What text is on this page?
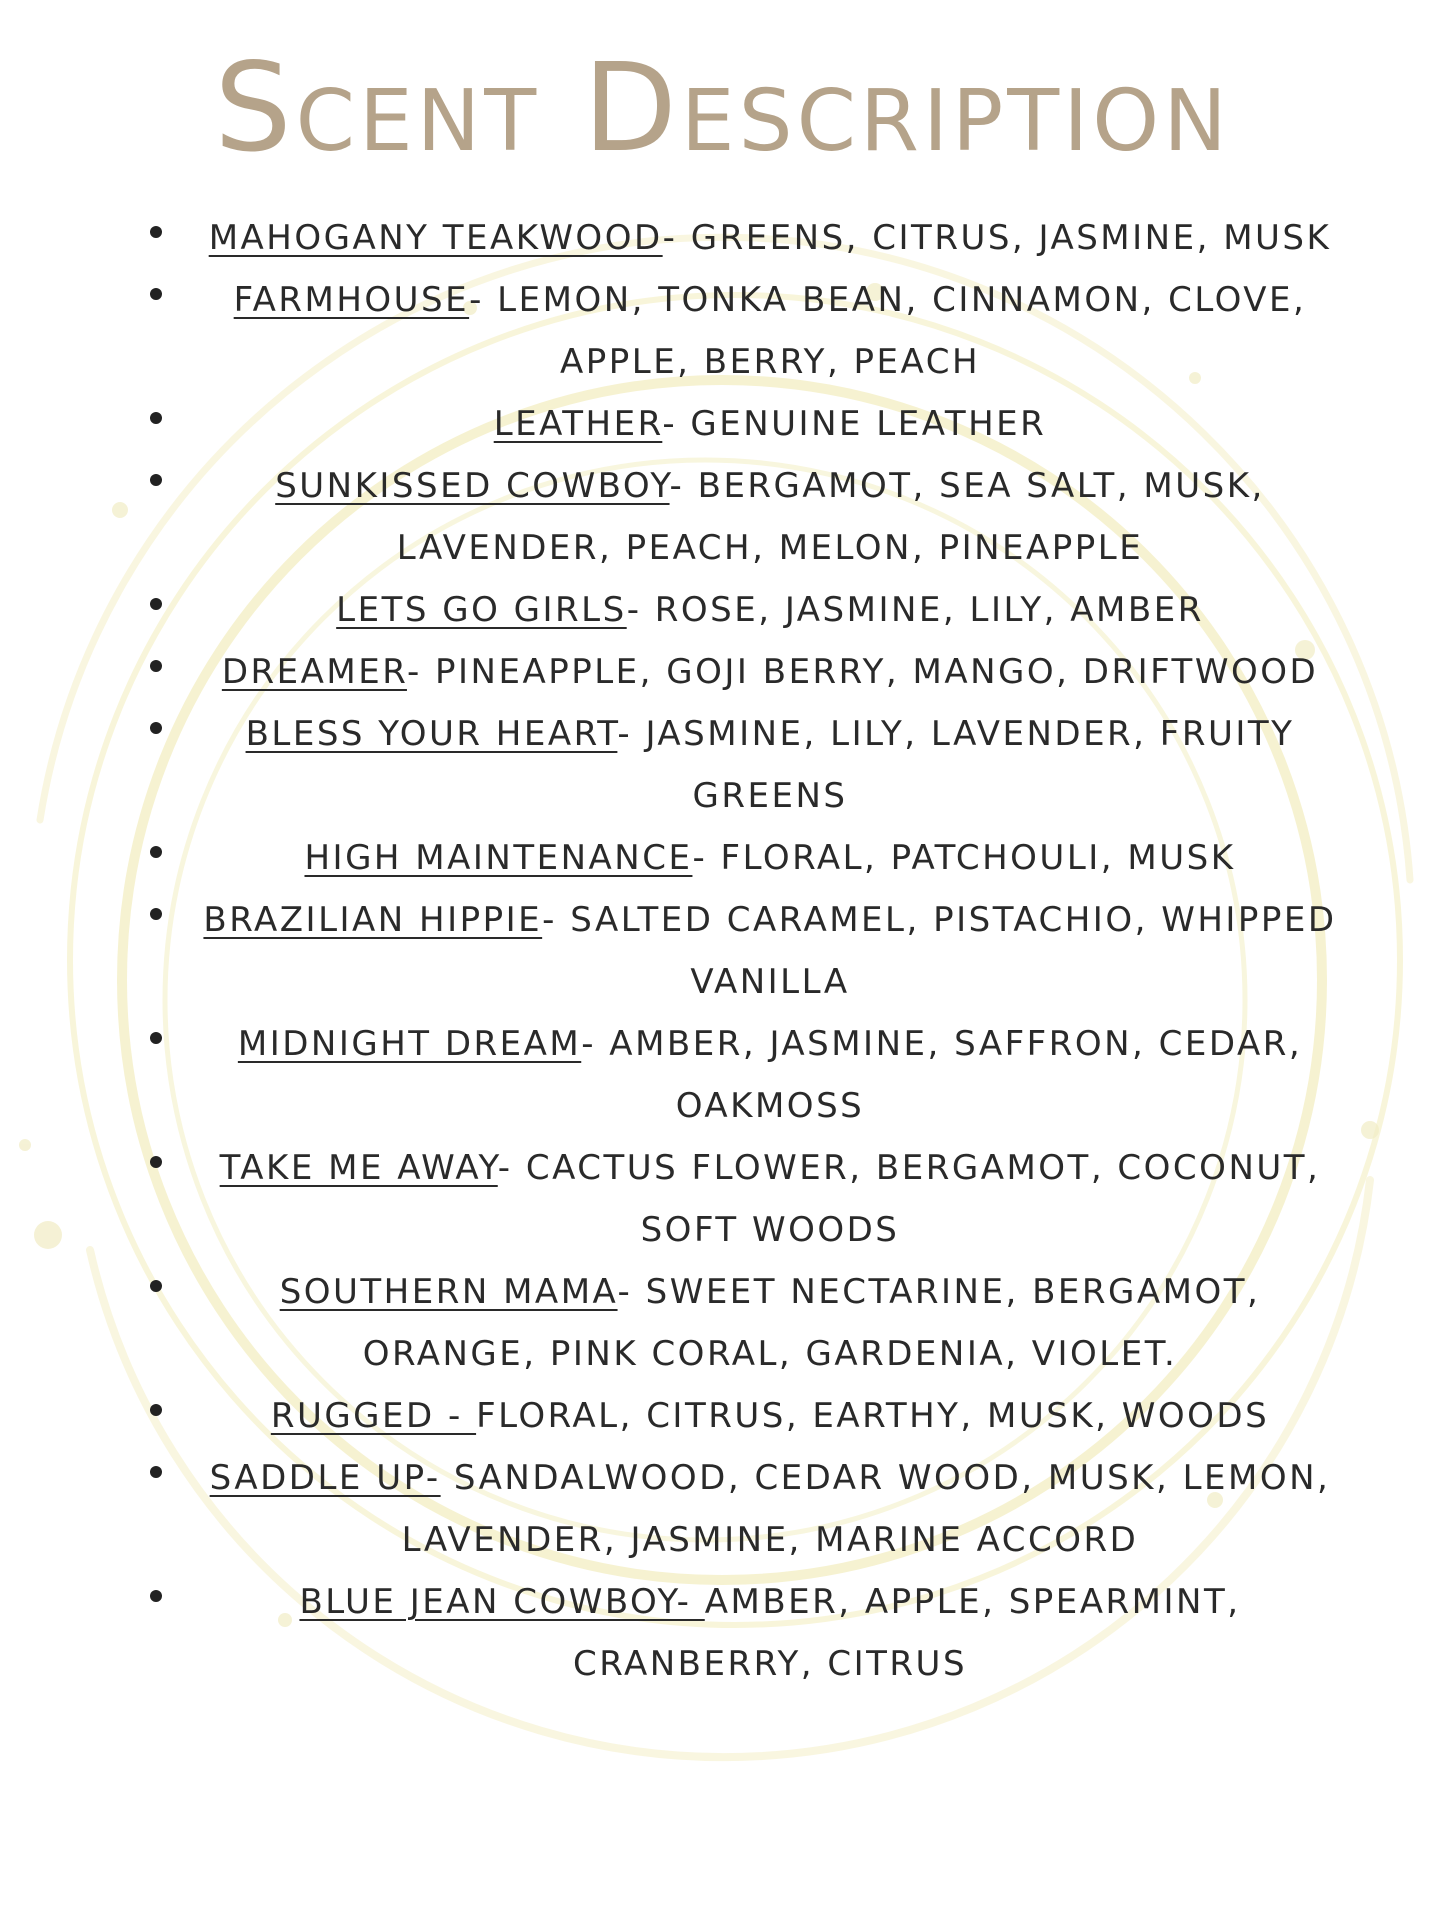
Scent Description
MAHOGANY TEAKWOOD- GREENS, CITRUS, JASMINE, MUSK
FARMHOUSE- LEMON, TONKA BEAN, CINNAMON, CLOVE, APPLE, BERRY, PEACH
LEATHER- GENUINE LEATHER
SUNKISSED COWBOY- BERGAMOT, SEA SALT, MUSK, LAVENDER, PEACH, MELON, PINEAPPLE
LETS GO GIRLS- ROSE, JASMINE, LILY, AMBER
DREAMER- PINEAPPLE, GOJI BERRY, MANGO, DRIFTWOOD
BLESS YOUR HEART- JASMINE, LILY, LAVENDER, FRUITY GREENS
HIGH MAINTENANCE- FLORAL, PATCHOULI, MUSK
BRAZILIAN HIPPIE- SALTED CARAMEL, PISTACHIO, WHIPPED VANILLA
MIDNIGHT DREAM- AMBER, JASMINE, SAFFRON, CEDAR, OAKMOSS
TAKE ME AWAY- CACTUS FLOWER, BERGAMOT, COCONUT, SOFT WOODS
SOUTHERN MAMA- SWEET NECTARINE, BERGAMOT, ORANGE, PINK CORAL, GARDENIA, VIOLET.
RUGGED - FLORAL, CITRUS, EARTHY, MUSK, WOODS
SADDLE UP- SANDALWOOD, CEDAR WOOD, MUSK, LEMON, LAVENDER, JASMINE, MARINE ACCORD
BLUE JEAN COWBOY- AMBER, APPLE, SPEARMINT, CRANBERRY, CITRUS
